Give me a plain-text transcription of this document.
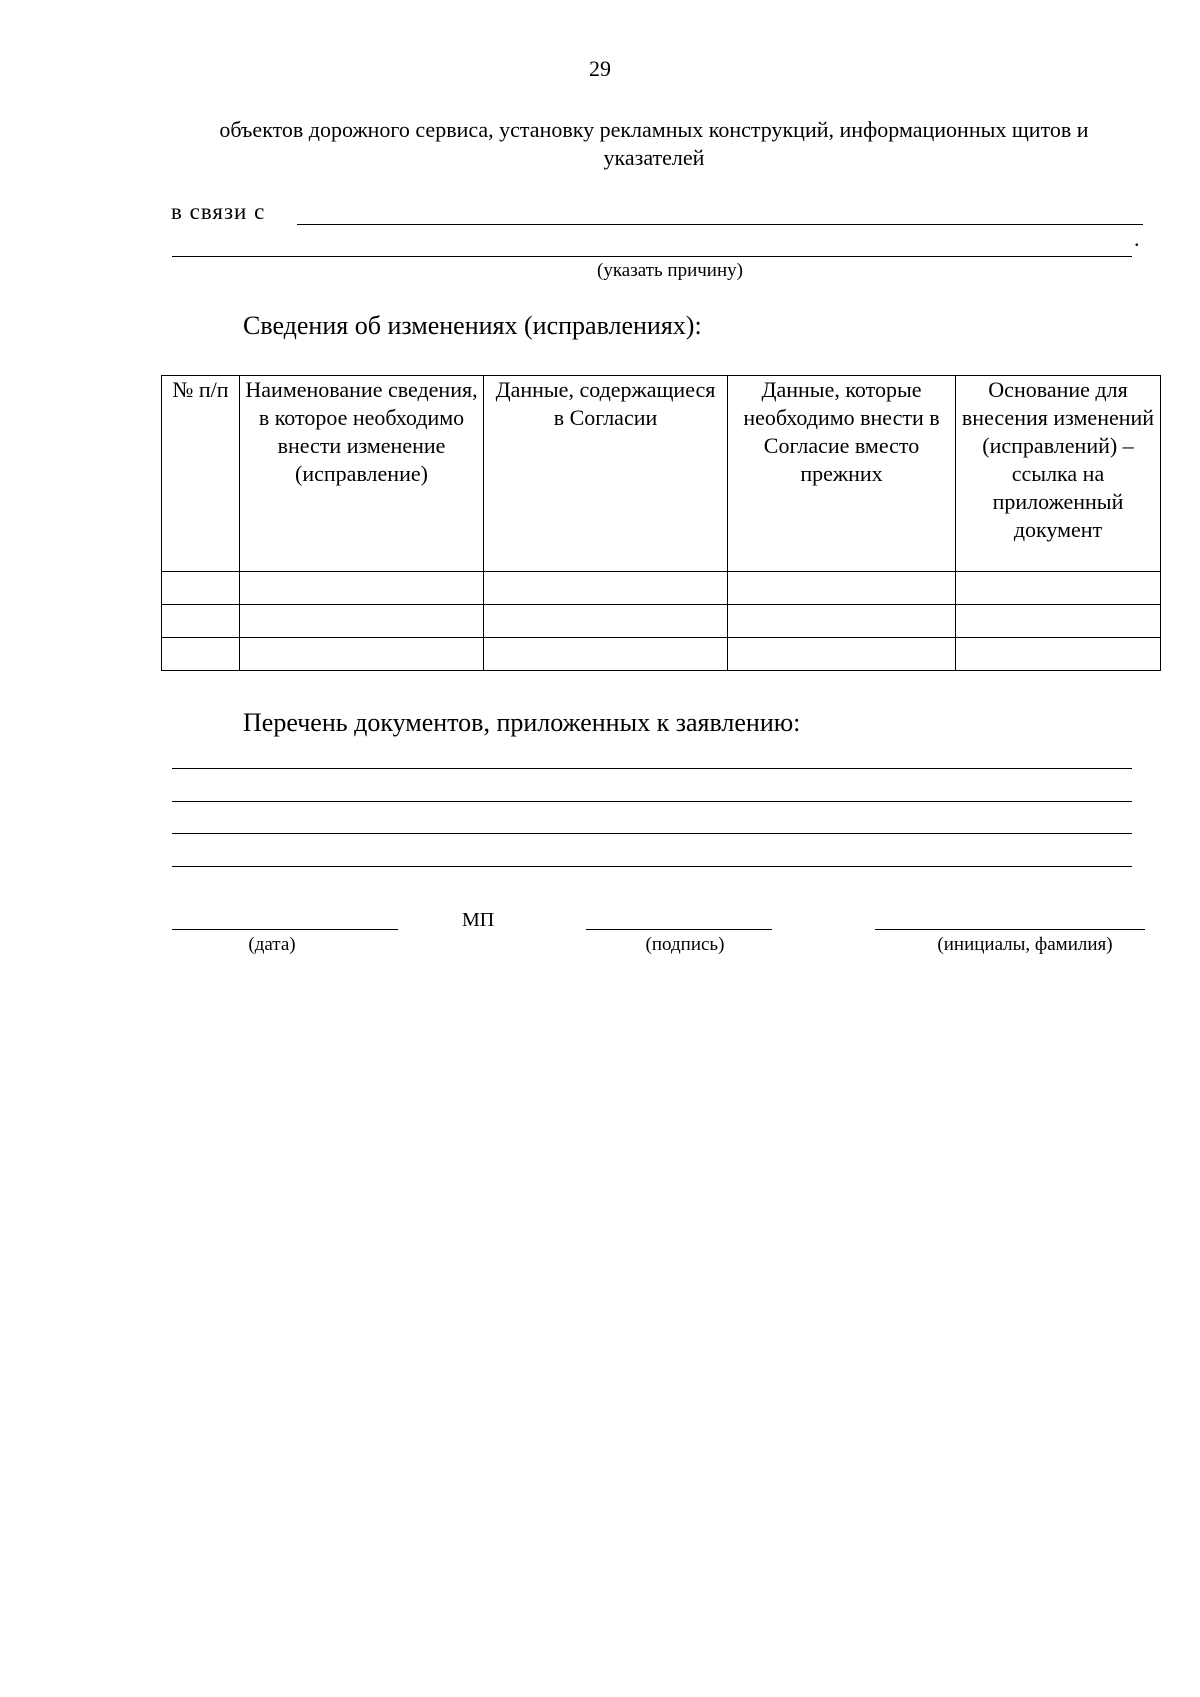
29
объектов дорожного сервиса, установку рекламных конструкций, информационных щитов и указателей
в связи с
.
(указать причину)
Сведения об изменениях (исправлениях):
№ п/п	Наименование сведения, в которое необходимо внести изменение (исправление)	Данные, содержащиеся в Согласии	Данные, которые необходимо внести в Согласие вместо прежних	Основание для внесения изменений (исправлений) – ссылка на приложенный документ

Перечень документов, приложенных к заявлению:
(дата)
МП
(подпись)	(инициалы, фамилия)
